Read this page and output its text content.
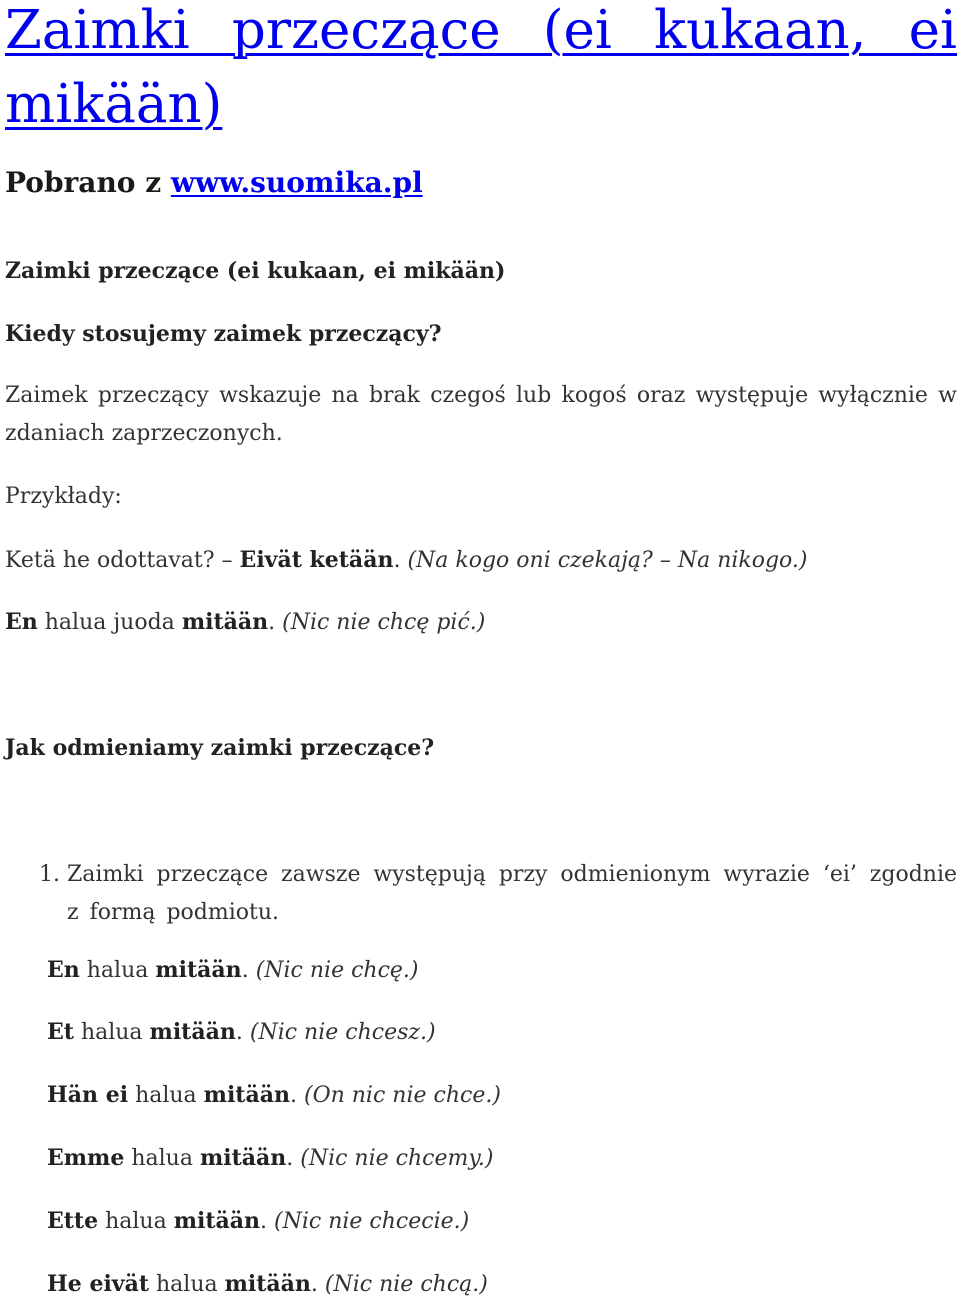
Zaimki przeczące (ei kukaan, ei mikään)

Pobrano z www.suomika.pl

Zaimki przeczące (ei kukaan, ei mikään)

Kiedy stosujemy zaimek przeczący?

Zaimek przeczący wskazuje na brak czegoś lub kogoś oraz występuje wyłącznie w zdaniach zaprzeczonych.

Przykłady:

Ketä he odottavat? – Eivät ketään. (Na kogo oni czekają? – Na nikogo.)

En halua juoda mitään. (Nic nie chcę pić.)

Jak odmieniamy zaimki przeczące?

1. Zaimki przeczące zawsze występują przy odmienionym wyrazie ‘ei’ zgodnie z formą podmiotu.

En halua mitään. (Nic nie chcę.)

Et halua mitään. (Nic nie chcesz.)

Hän ei halua mitään. (On nic nie chce.)

Emme halua mitään. (Nic nie chcemy.)

Ette halua mitään. (Nic nie chcecie.)

He eivät halua mitään. (Nic nie chcą.)
